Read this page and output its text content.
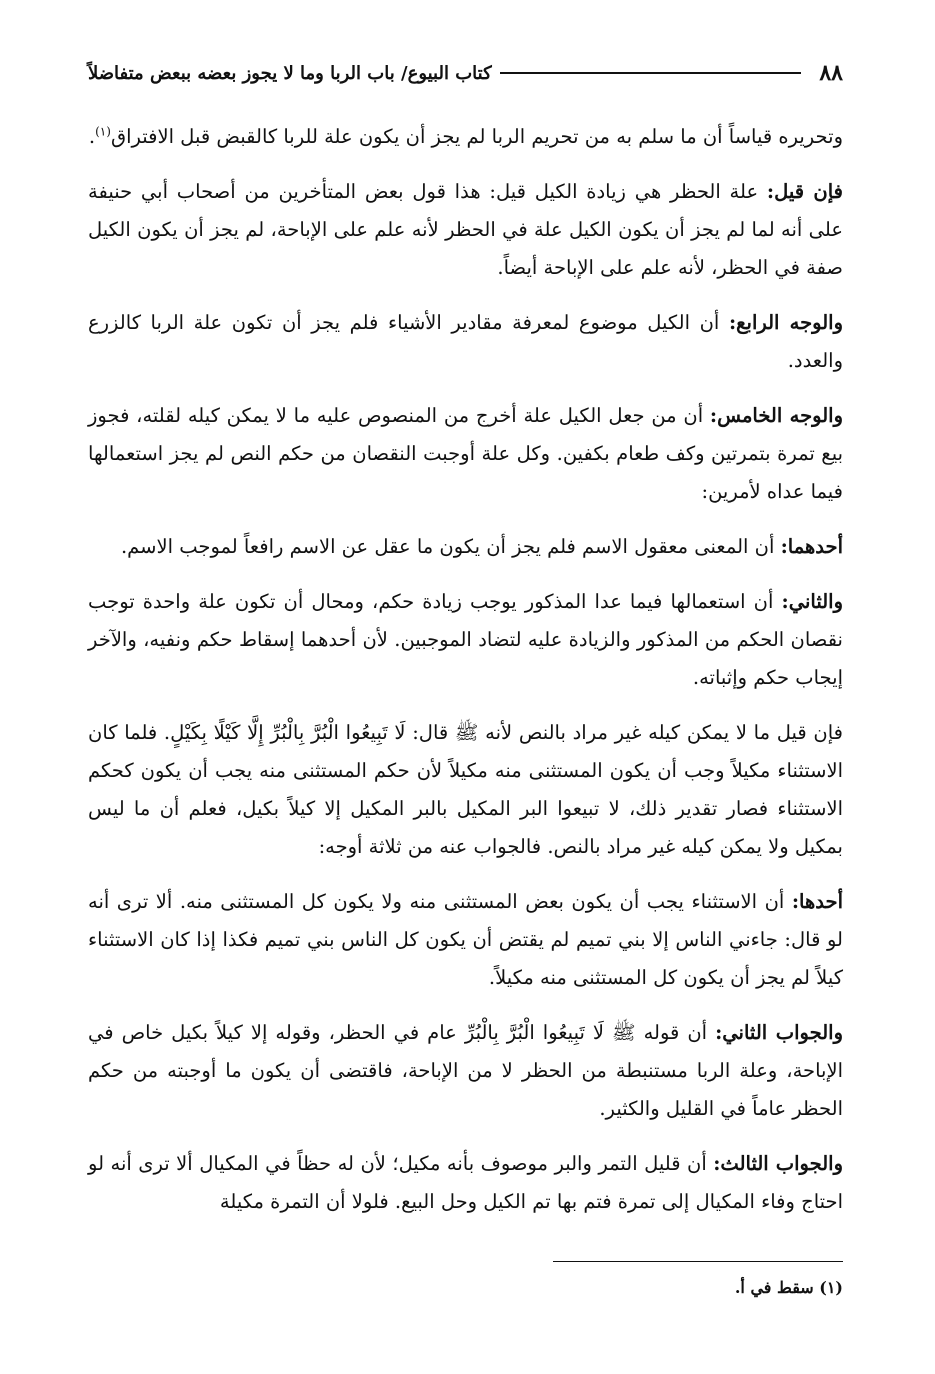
٨٨
كتاب البيوع/ باب الربا وما لا يجوز بعضه ببعض متفاضلاً

وتحريره قياساً أن ما سلم به من تحريم الربا لم يجز أن يكون علة للربا كالقبض قبل الافتراق$^{(١)}$.

فإن قيل: علة الحظر هي زيادة الكيل قيل: هذا قول بعض المتأخرين من أصحاب أبي حنيفة على أنه لما لم يجز أن يكون الكيل علة في الحظر لأنه علم على الإباحة، لم يجز أن يكون الكيل صفة في الحظر، لأنه علم على الإباحة أيضاً.

والوجه الرابع: أن الكيل موضوع لمعرفة مقادير الأشياء فلم يجز أن تكون علة الربا كالزرع والعدد.

والوجه الخامس: أن من جعل الكيل علة أخرج من المنصوص عليه ما لا يمكن كيله لقلته، فجوز بيع تمرة بتمرتين وكف طعام بكفين. وكل علة أوجبت النقصان من حكم النص لم يجز استعمالها فيما عداه لأمرين:

أحدهما: أن المعنى معقول الاسم فلم يجز أن يكون ما عقل عن الاسم رافعاً لموجب الاسم.

والثاني: أن استعمالها فيما عدا المذكور يوجب زيادة حكم، ومحال أن تكون علة واحدة توجب نقصان الحكم من المذكور والزيادة عليه لتضاد الموجبين. لأن أحدهما إسقاط حكم ونفيه، والآخر إيجاب حكم وإثباته.

فإن قيل ما لا يمكن كيله غير مراد بالنص لأنه ﷺ قال: لَا تَبِيعُوا الْبُرَّ بِالْبُرِّ إِلَّا كَيْلًا بِكَيْلٍ. فلما كان الاستثناء مكيلاً وجب أن يكون المستثنى منه مكيلاً لأن حكم المستثنى منه يجب أن يكون كحكم الاستثناء فصار تقدير ذلك، لا تبيعوا البر المكيل بالبر المكيل إلا كيلاً بكيل، فعلم أن ما ليس بمكيل ولا يمكن كيله غير مراد بالنص. فالجواب عنه من ثلاثة أوجه:

أحدها: أن الاستثناء يجب أن يكون بعض المستثنى منه ولا يكون كل المستثنى منه. ألا ترى أنه لو قال: جاءني الناس إلا بني تميم لم يقتض أن يكون كل الناس بني تميم فكذا إذا كان الاستثناء كيلاً لم يجز أن يكون كل المستثنى منه مكيلاً.

والجواب الثاني: أن قوله ﷺ لَا تَبِيعُوا الْبُرَّ بِالْبُرِّ عام في الحظر، وقوله إلا كيلاً بكيل خاص في الإباحة، وعلة الربا مستنبطة من الحظر لا من الإباحة، فاقتضى أن يكون ما أوجبته من حكم الحظر عاماً في القليل والكثير.

والجواب الثالث: أن قليل التمر والبر موصوف بأنه مكيل؛ لأن له حظاً في المكيال ألا ترى أنه لو احتاج وفاء المكيال إلى تمرة فتم بها تم الكيل وحل البيع. فلولا أن التمرة مكيلة

(١) سقط في أ.
